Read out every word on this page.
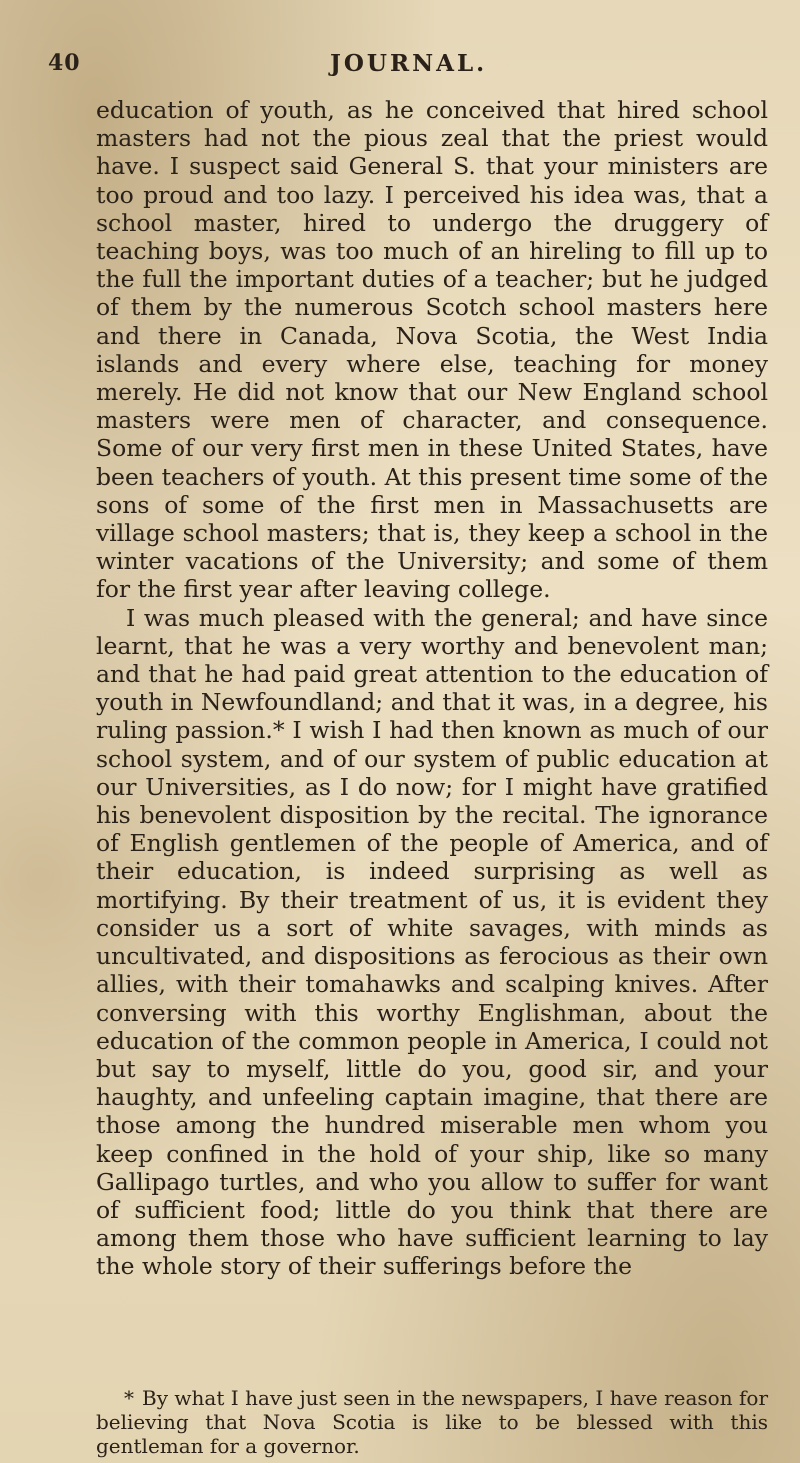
40	JOURNAL.

education of youth, as he conceived that hired school masters had not the pious zeal that the priest would have. I suspect said General S. that your ministers are too proud and too lazy. I perceived his idea was, that a school master, hired to undergo the druggery of teaching boys, was too much of an hireling to fill up to the full the important duties of a teacher; but he judged of them by the numerous Scotch school masters here and there in Canada, Nova Scotia, the West India islands and every where else, teaching for money merely. He did not know that our New England school masters were men of character, and consequence. Some of our very first men in these United States, have been teachers of youth. At this present time some of the sons of some of the first men in Massachusetts are village school masters; that is, they keep a school in the winter vacations of the University; and some of them for the first year after leaving college.

I was much pleased with the general; and have since learnt, that he was a very worthy and benevolent man; and that he had paid great attention to the education of youth in Newfoundland; and that it was, in a degree, his ruling passion.* I wish I had then known as much of our school system, and of our system of public education at our Universities, as I do now; for I might have gratified his benevolent disposition by the recital. The ignorance of English gentlemen of the people of America, and of their education, is indeed surprising as well as mortifying. By their treatment of us, it is evident they consider us a sort of white savages, with minds as uncultivated, and dispositions as ferocious as their own allies, with their tomahawks and scalping knives. After conversing with this worthy Englishman, about the education of the common people in America, I could not but say to myself, little do you, good sir, and your haughty, and unfeeling captain imagine, that there are those among the hundred miserable men whom you keep confined in the hold of your ship, like so many Gallipago turtles, and who you allow to suffer for want of sufficient food; little do you think that there are among them those who have sufficient learning to lay the whole story of their sufferings before the

* By what I have just seen in the newspapers, I have reason for believing that Nova Scotia is like to be blessed with this gentleman for a governor.
